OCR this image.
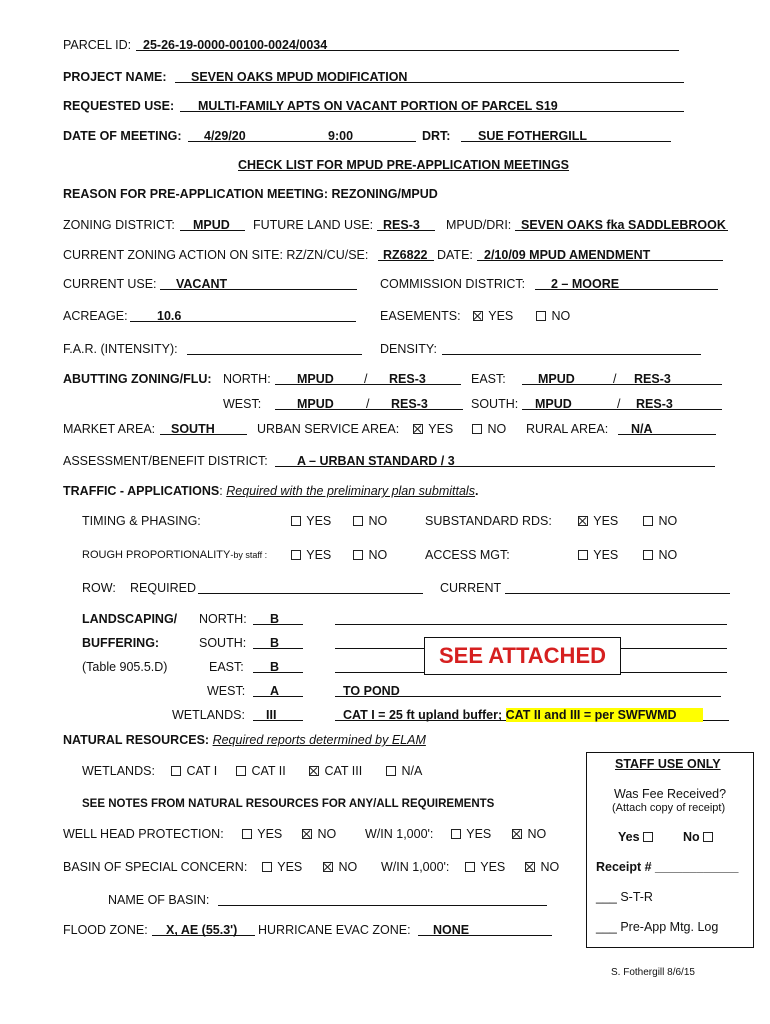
PARCEL ID: 25-26-19-0000-00100-0024/0034
PROJECT NAME: SEVEN OAKS MPUD MODIFICATION
REQUESTED USE: MULTI-FAMILY APTS ON VACANT PORTION OF PARCEL S19
DATE OF MEETING: 4/29/20	9:00	DRT: SUE FOTHERGILL
CHECK LIST FOR MPUD PRE-APPLICATION MEETINGS
REASON FOR PRE-APPLICATION MEETING: REZONING/MPUD
ZONING DISTRICT: MPUD FUTURE LAND USE: RES-3 MPUD/DRI: SEVEN OAKS fka SADDLEBROOK
CURRENT ZONING ACTION ON SITE: RZ/ZN/CU/SE: RZ6822 DATE: 2/10/09 MPUD AMENDMENT
CURRENT USE: VACANT	COMMISSION DISTRICT: 2 – MOORE
ACREAGE: 10.6	EASEMENTS:	YES	NO
F.A.R. (INTENSITY):	DENSITY:
ABUTTING ZONING/FLU: NORTH: MPUD / RES-3	EAST:	MPUD	/ RES-3
WEST:	MPUD	/ RES-3	SOUTH: MPUD	/ RES-3
MARKET AREA: SOUTH	URBAN SERVICE AREA:	YES	NO RURAL AREA: N/A
ASSESSMENT/BENEFIT DISTRICT: A – URBAN STANDARD / 3
TRAFFIC - APPLICATIONS: Required with the preliminary plan submittals.
TIMING & PHASING:	YES	NO	SUBSTANDARD RDS:	YES	NO
ROUGH PROPORTIONALITY-by staff :	YES	NO	ACCESS MGT:	YES	NO
ROW: REQUIRED	CURRENT
LANDSCAPING/
BUFFERING:
(Table 905.5.D)
NORTH: B
SOUTH: B
EAST: B
WEST: A	TO POND
WETLANDS: III	CAT I = 25 ft upland buffer; CAT II and III = per SWFWMD
SEE ATTACHED
NATURAL RESOURCES: Required reports determined by ELAM
WETLANDS:	CAT I	CAT II	CAT III	N/A
SEE NOTES FROM NATURAL RESOURCES FOR ANY/ALL REQUIREMENTS
WELL HEAD PROTECTION:	YES	NO W/IN 1,000':	YES	NO
BASIN OF SPECIAL CONCERN:	YES	NO W/IN 1,000':	YES	NO
NAME OF BASIN:
FLOOD ZONE: X, AE (55.3') HURRICANE EVAC ZONE: NONE
STAFF USE ONLY
Was Fee Received?
(Attach copy of receipt)
Yes	No
Receipt # ____________
___ S-T-R
___ Pre-App Mtg. Log
S. Fothergill 8/6/15
